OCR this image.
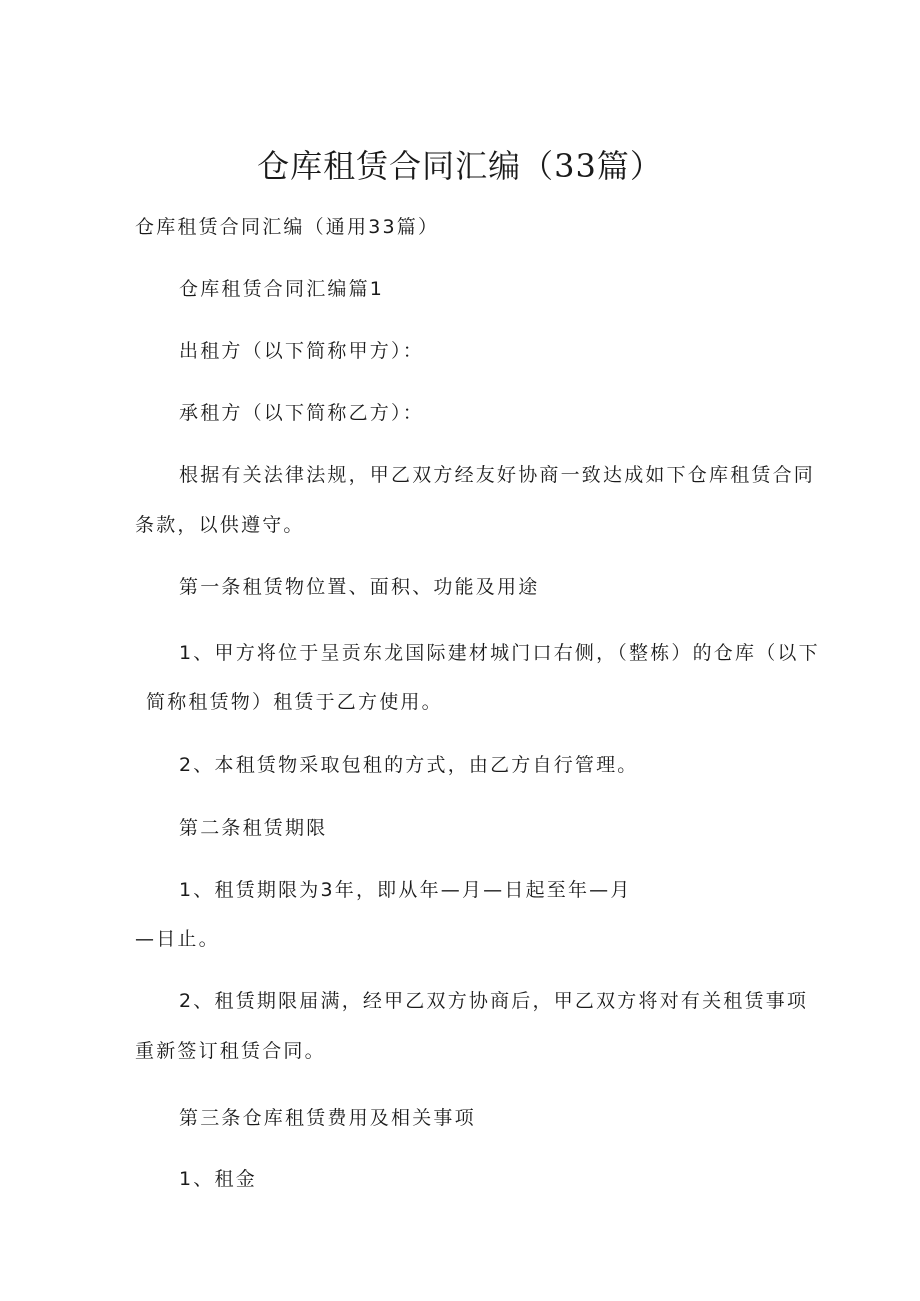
仓库租赁合同汇编（33篇）
仓库租赁合同汇编（通用33篇）
仓库租赁合同汇编篇1
出租方（以下简称甲方）：
承租方（以下简称乙方）：
根据有关法律法规，甲乙双方经友好协商一致达成如下仓库租赁合同
条款，以供遵守。
第一条租赁物位置、面积、功能及用途
1、甲方将位于呈贡东龙国际建材城门口右侧，（整栋）的仓库（以下
简称租赁物）租赁于乙方使用。
2、本租赁物采取包租的方式，由乙方自行管理。
第二条租赁期限
1、租赁期限为3年，即从年—月—日起至年—月
—日止。
2、租赁期限届满，经甲乙双方协商后，甲乙双方将对有关租赁事项
重新签订租赁合同。
第三条仓库租赁费用及相关事项
1、租金
